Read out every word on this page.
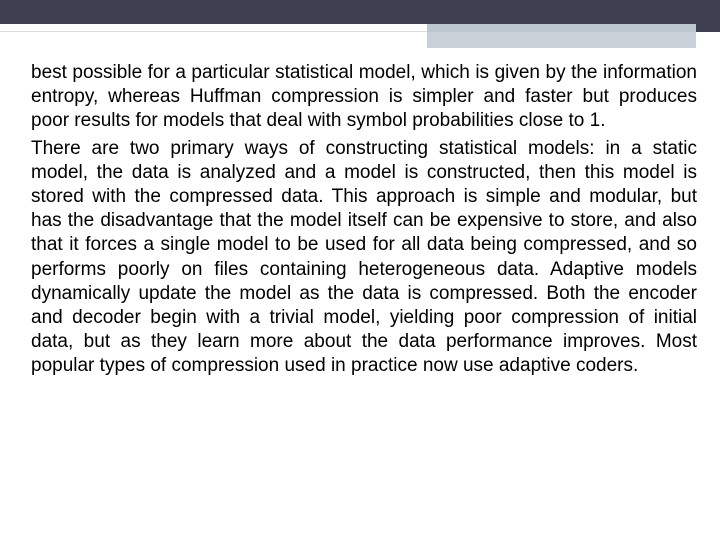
best possible for a particular statistical model, which is given by the information entropy, whereas Huffman compression is simpler and faster but produces poor results for models that deal with symbol probabilities close to 1.

There are two primary ways of constructing statistical models: in a static model, the data is analyzed and a model is constructed, then this model is stored with the compressed data. This approach is simple and modular, but has the disadvantage that the model itself can be expensive to store, and also that it forces a single model to be used for all data being compressed, and so performs poorly on files containing heterogeneous data. Adaptive models dynamically update the model as the data is compressed. Both the encoder and decoder begin with a trivial model, yielding poor compression of initial data, but as they learn more about the data performance improves. Most popular types of compression used in practice now use adaptive coders.
